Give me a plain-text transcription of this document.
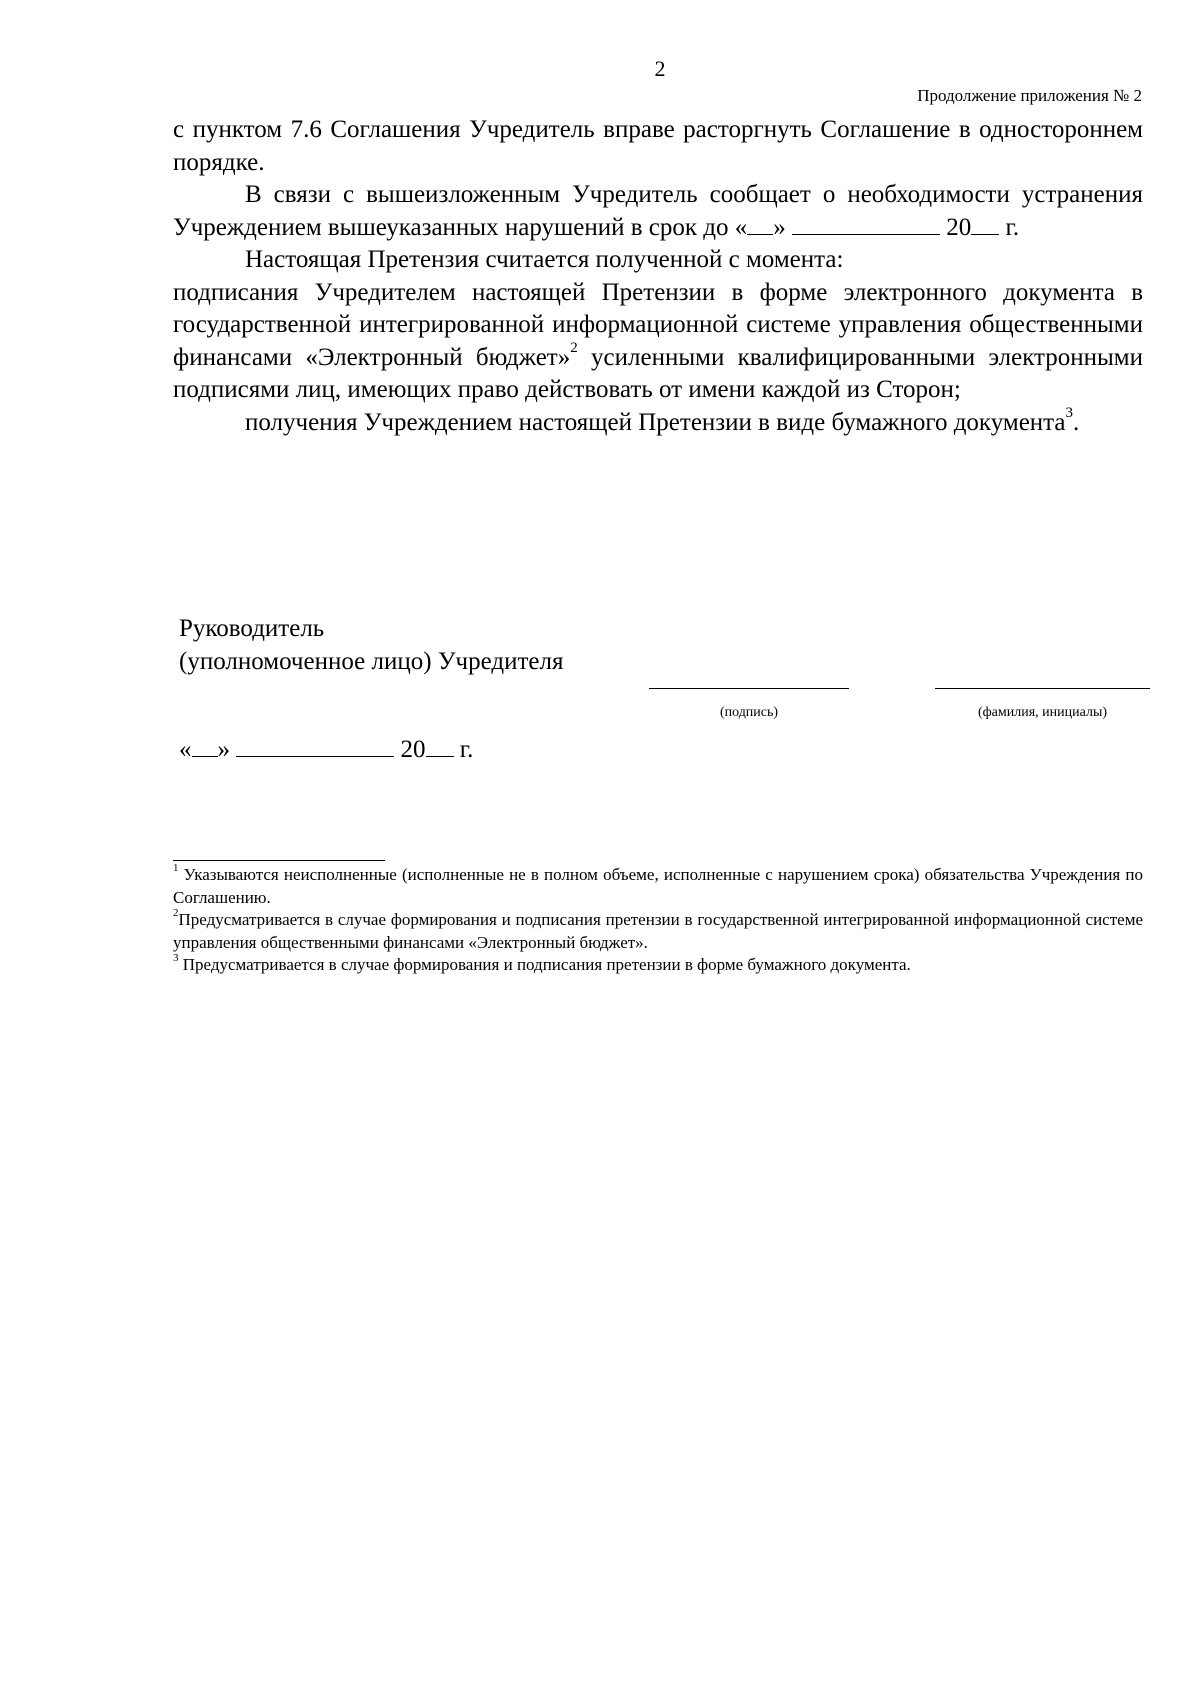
2
Продолжение приложения № 2

с пунктом 7.6 Соглашения Учредитель вправе расторгнуть Соглашение в одностороннем порядке.

В связи с вышеизложенным Учредитель сообщает о необходимости устранения Учреждением вышеуказанных нарушений в срок до « »	20 г.

Настоящая Претензия считается полученной с момента:

подписания Учредителем настоящей Претензии в форме электронного документа в государственной интегрированной информационной системе управления общественными финансами «Электронный бюджет»$^2$ усиленными квалифицированными электронными подписями лиц, имеющих право действовать от имени каждой из Сторон;

получения Учреждением настоящей Претензии в виде бумажного документа$^3$.

Руководитель
(уполномоченное лицо) Учредителя
(подпись)	(фамилия, инициалы)
« »	20 г.

$^1$ Указываются неисполненные (исполненные не в полном объеме, исполненные с нарушением срока) обязательства Учреждения по Соглашению.

$^2$Предусматривается в случае формирования и подписания претензии в государственной интегрированной информационной системе управления общественными финансами «Электронный бюджет».

$^3$ Предусматривается в случае формирования и подписания претензии в форме бумажного документа.
